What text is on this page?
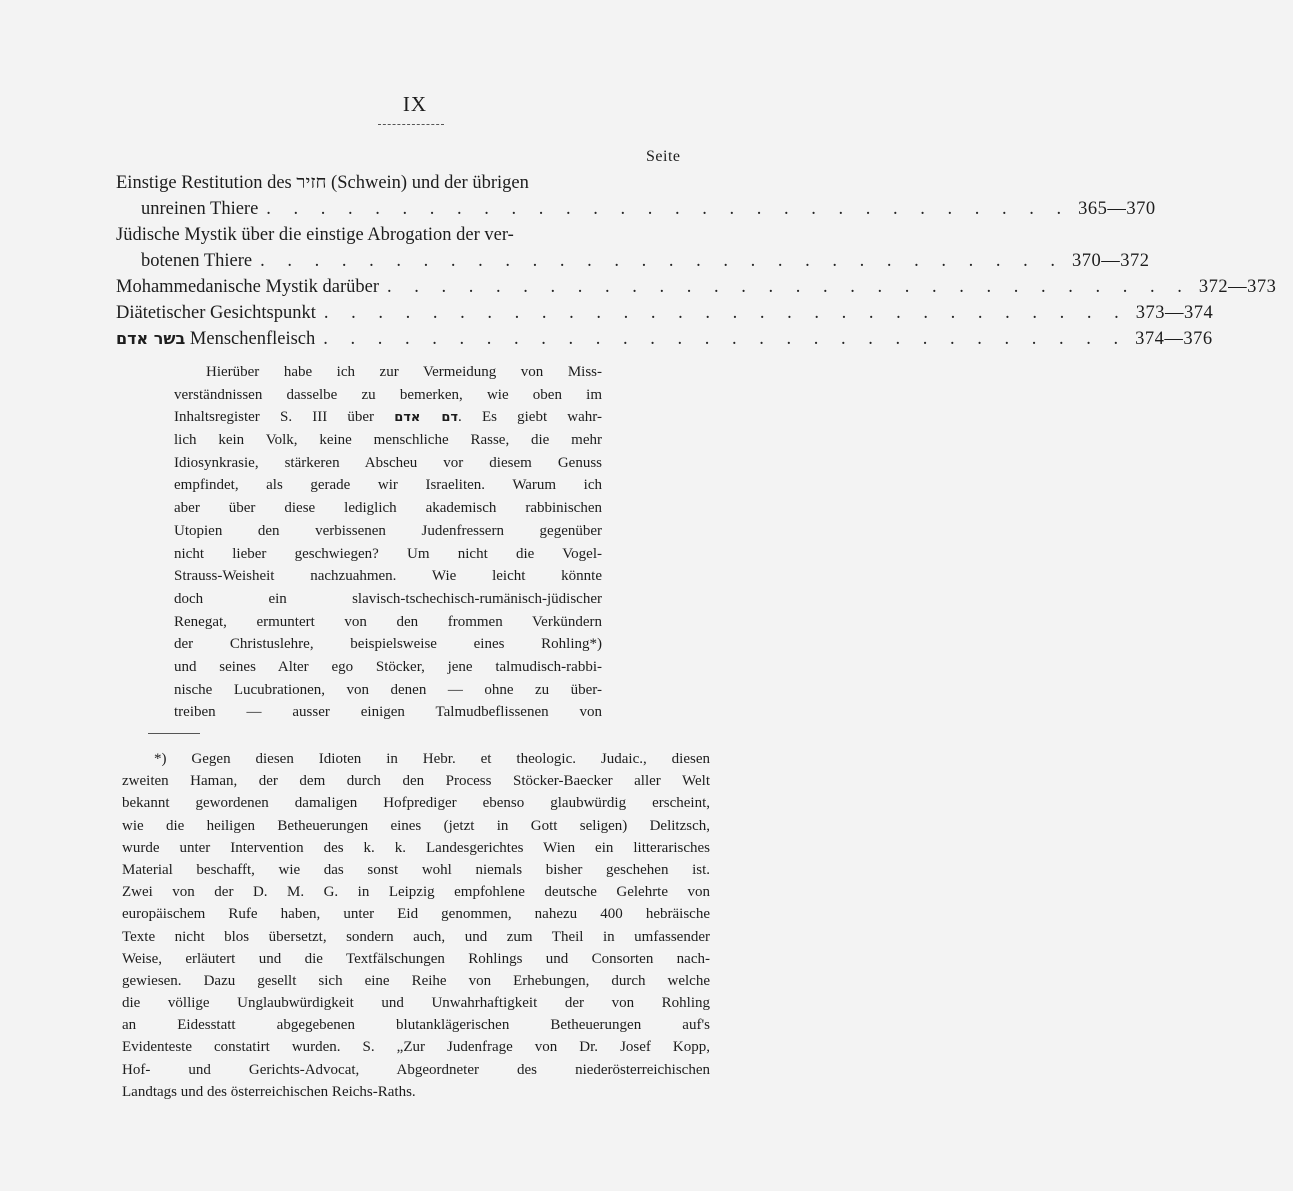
IX
Seite
Einstige Restitution des חזיר (Schwein) und der übrigen
unreinen Thiere . . . . . . . . . . . . . . . . . . . . . . . . . . . . . . 365—370
Jüdische Mystik über die einstige Abrogation der ver-
botenen Thiere . . . . . . . . . . . . . . . . . . . . . . . . . . . . . . 370—372
Mohammedanische Mystik darüber . . . . . . . . . . . . . . . . . . . . . . . . . . . . . . 372—373
Diätetischer Gesichtspunkt . . . . . . . . . . . . . . . . . . . . . . . . . . . . . . 373—374
בשר אדם Menschenfleisch . . . . . . . . . . . . . . . . . . . . . . . . . . . . . . 374—376
Hierüber habe ich zur Vermeidung von Miss-
verständnissen dasselbe zu bemerken, wie oben im
Inhaltsregister S. III über דם אדם. Es giebt wahr-
lich kein Volk, keine menschliche Rasse, die mehr
Idiosynkrasie, stärkeren Abscheu vor diesem Genuss
empfindet, als gerade wir Israeliten. Warum ich
aber über diese lediglich akademisch rabbinischen
Utopien den verbissenen Judenfressern gegenüber
nicht lieber geschwiegen? Um nicht die Vogel-
Strauss-Weisheit nachzuahmen. Wie leicht könnte
doch ein slavisch-tschechisch-rumänisch-jüdischer
Renegat, ermuntert von den frommen Verkündern
der Christuslehre, beispielsweise eines Rohling*)
und seines Alter ego Stöcker, jene talmudisch-rabbi-
nische Lucubrationen, von denen — ohne zu über-
treiben — ausser einigen Talmudbeflissenen von
*) Gegen diesen Idioten in Hebr. et theologic. Judaic., diesen
zweiten Haman, der dem durch den Process Stöcker-Baecker aller Welt
bekannt gewordenen damaligen Hofprediger ebenso glaubwürdig erscheint,
wie die heiligen Betheuerungen eines (jetzt in Gott seligen) Delitzsch,
wurde unter Intervention des k. k. Landesgerichtes Wien ein litterarisches
Material beschafft, wie das sonst wohl niemals bisher geschehen ist.
Zwei von der D. M. G. in Leipzig empfohlene deutsche Gelehrte von
europäischem Rufe haben, unter Eid genommen, nahezu 400 hebräische
Texte nicht blos übersetzt, sondern auch, und zum Theil in umfassender
Weise, erläutert und die Textfälschungen Rohlings und Consorten nach-
gewiesen. Dazu gesellt sich eine Reihe von Erhebungen, durch welche
die völlige Unglaubwürdigkeit und Unwahrhaftigkeit der von Rohling
an Eidesstatt abgegebenen blutanklägerischen Betheuerungen auf's
Evidenteste constatirt wurden. S. „Zur Judenfrage von Dr. Josef Kopp,
Hof- und Gerichts-Advocat, Abgeordneter des niederösterreichischen
Landtags und des österreichischen Reichs-Raths.
